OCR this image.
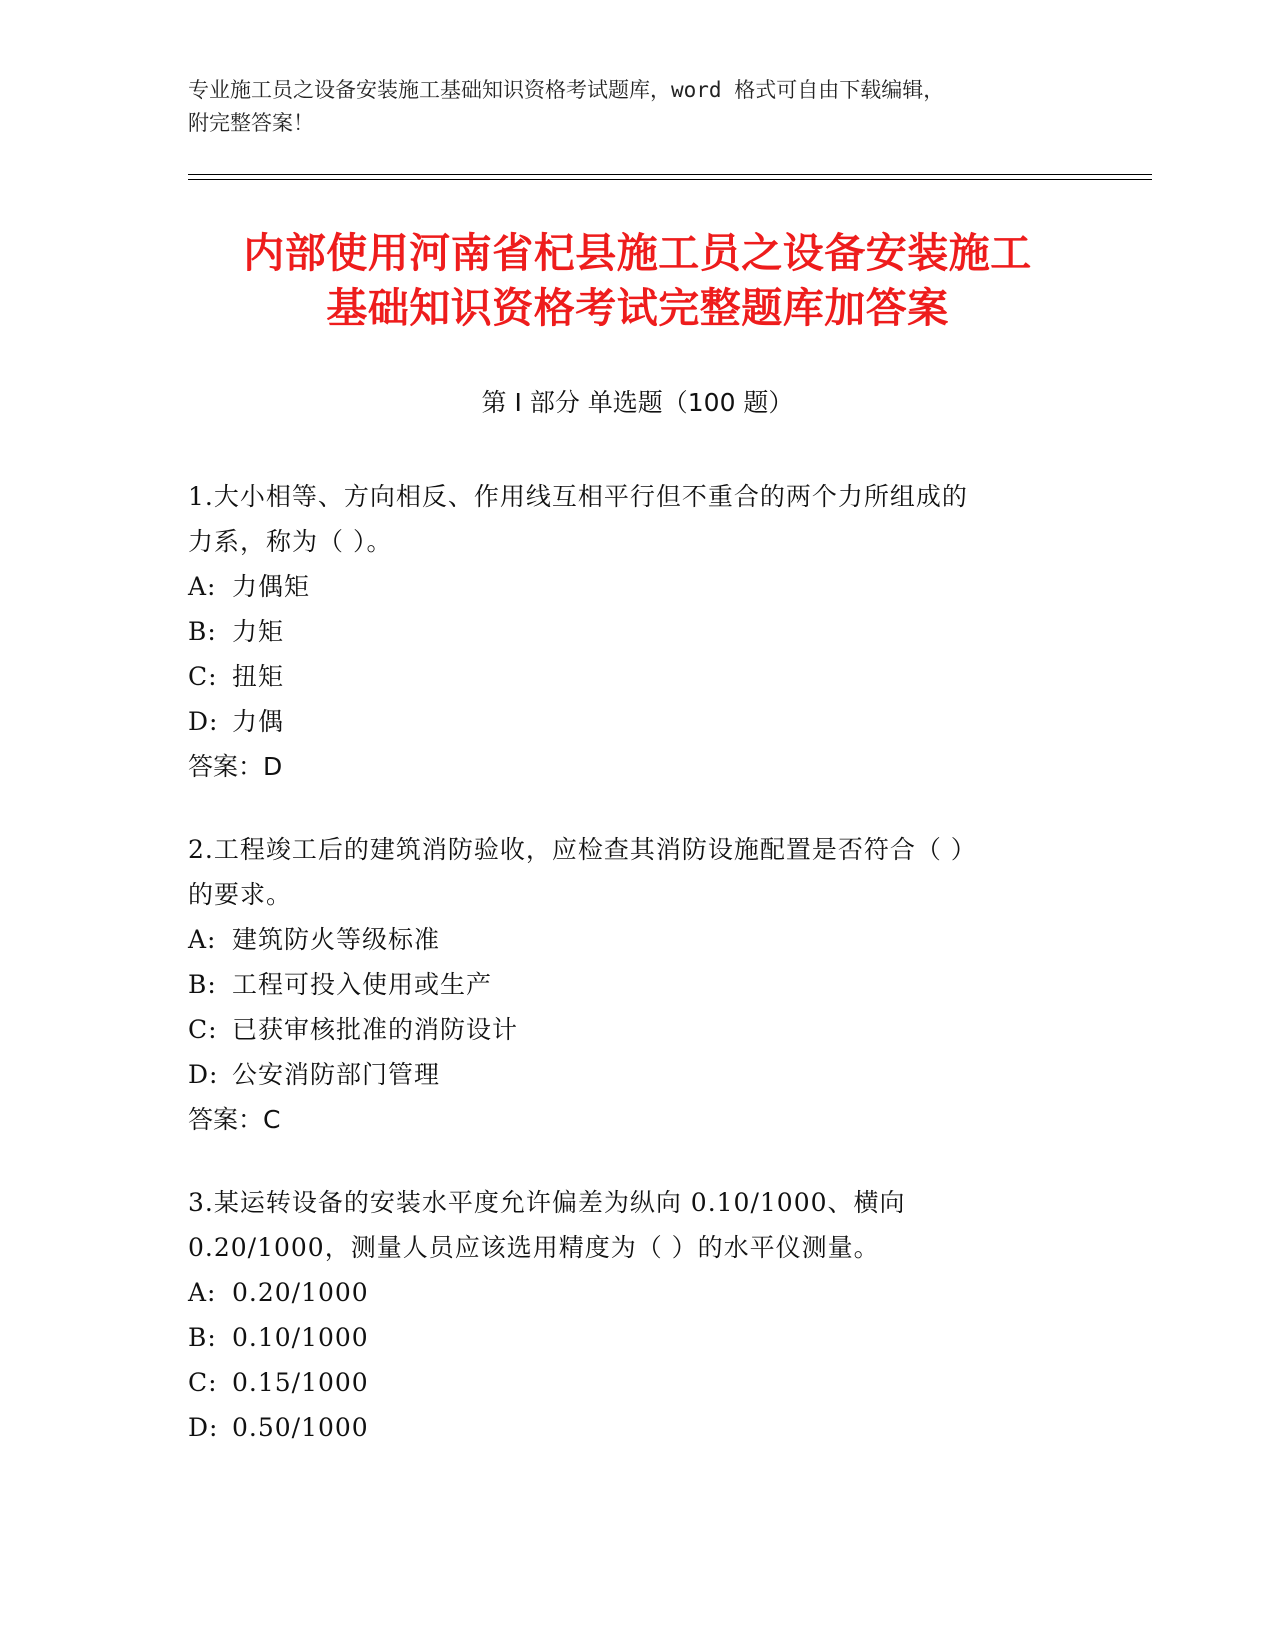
专业施工员之设备安装施工基础知识资格考试题库，word 格式可自由下载编辑，
附完整答案！
内部使用河南省杞县施工员之设备安装施工
基础知识资格考试完整题库加答案
第 I 部分 单选题（100 题）

1.大小相等、方向相反、作用线互相平行但不重合的两个力所组成的

力系，称为（ ）。

A: 力偶矩

B: 力矩

C: 扭矩

D: 力偶

答案：D

2.工程竣工后的建筑消防验收，应检查其消防设施配置是否符合（ ）

的要求。

A: 建筑防火等级标准

B: 工程可投入使用或生产

C: 已获审核批准的消防设计

D: 公安消防部门管理

答案：C

3.某运转设备的安装水平度允许偏差为纵向 0.10/1000、横向

0.20/1000，测量人员应该选用精度为（ ）的水平仪测量。

A: 0.20/1000

B: 0.10/1000

C: 0.15/1000

D: 0.50/1000
